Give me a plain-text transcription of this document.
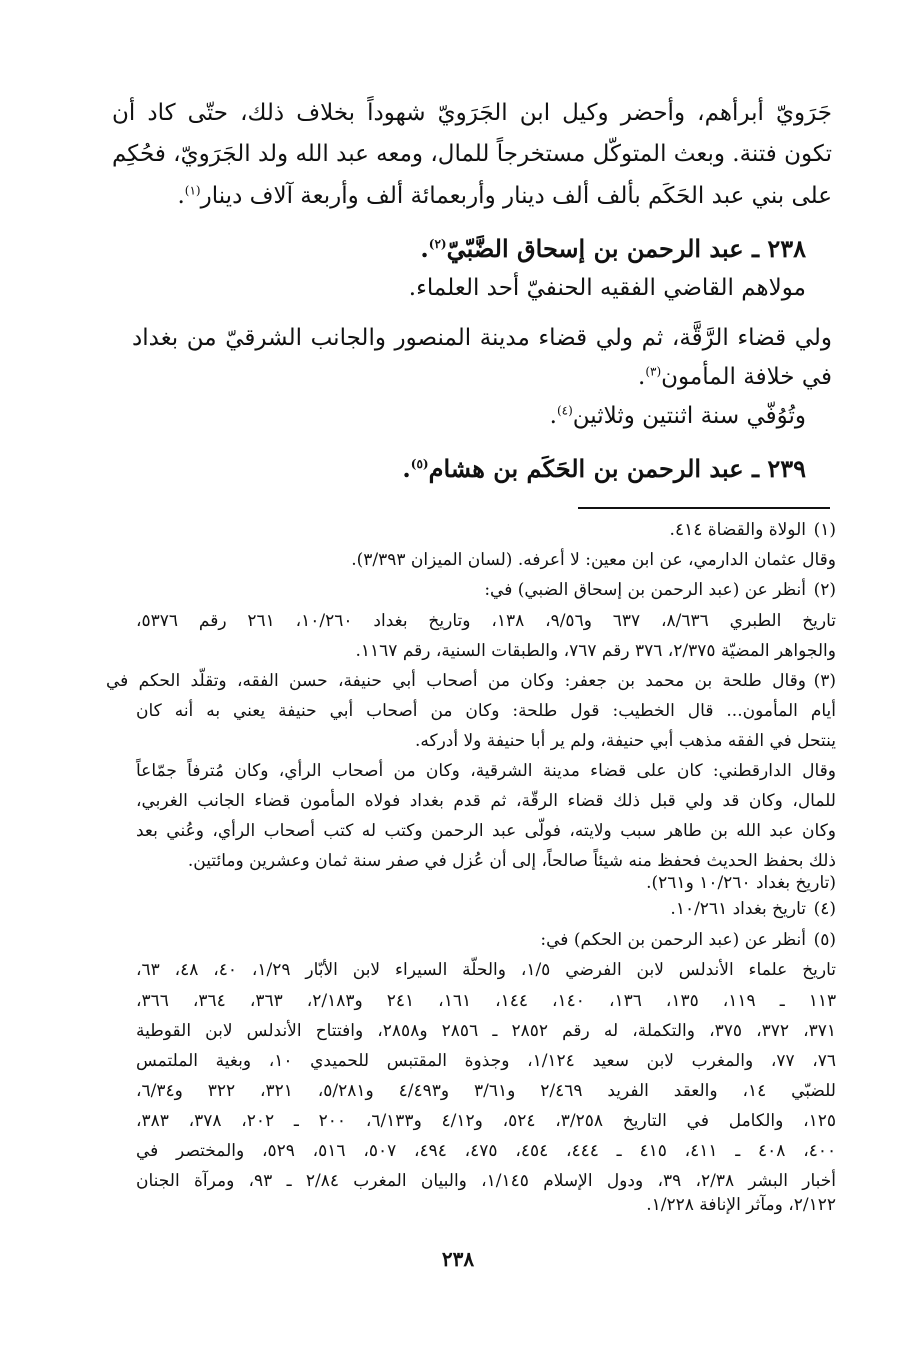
جَرَويّ أبرأهم، وأحضر وكيل ابن الجَرَويّ شهوداً بخلاف ذلك، حتّى كاد أن
تكون فتنة. وبعث المتوكّل مستخرجاً للمال، ومعه عبد الله ولد الجَرَويّ، فحُكِم
على بني عبد الحَكَم بألف ألف دينار وأربعمائة ألف وأربعة آلاف دينار$^{(١)}$.
٢٣٨ ـ عبد الرحمن بن إسحاق الضَّبّيّ$^{(٢)}$.
مولاهم القاضي الفقيه الحنفيّ أحد العلماء.
ولي قضاء الرَّقَّة، ثم ولي قضاء مدينة المنصور والجانب الشرقيّ من بغداد
في خلافة المأمون$^{(٣)}$.
وتُوُفّي سنة اثنتين وثلاثين$^{(٤)}$.
٢٣٩ ـ عبد الرحمن بن الحَكَم بن هشام$^{(٥)}$.
(١)الولاة والقضاة ٤١٤.
وقال عثمان الدارمي، عن ابن معين: لا أعرفه. (لسان الميزان ٣/٣٩٣).
(٢)أنظر عن (عبد الرحمن بن إسحاق الضبي) في:
تاريخ الطبري ٨/٦٣٦، ٦٣٧ و٩/٥٦، ١٣٨، وتاريخ بغداد ١٠/٢٦٠، ٢٦١ رقم ٥٣٧٦،
والجواهر المضيّة ٢/٣٧٥، ٣٧٦ رقم ٧٦٧، والطبقات السنية، رقم ١١٦٧.
(٣)وقال طلحة بن محمد بن جعفر: وكان من أصحاب أبي حنيفة، حسن الفقه، وتقلّد الحكم في
أيام المأمون... قال الخطيب: قول طلحة: وكان من أصحاب أبي حنيفة يعني به أنه كان
ينتحل في الفقه مذهب أبي حنيفة، ولم ير أبا حنيفة ولا أدركه.
وقال الدارقطني: كان على قضاء مدينة الشرقية، وكان من أصحاب الرأي، وكان مُترفاً جمّاعاً
للمال، وكان قد ولي قبل ذلك قضاء الرقّة، ثم قدم بغداد فولاه المأمون قضاء الجانب الغربي،
وكان عبد الله بن طاهر سبب ولايته، فولّى عبد الرحمن وكتب له كتب أصحاب الرأي، وعُني بعد
ذلك بحفظ الحديث فحفظ منه شيئاً صالحاً، إلى أن عُزل في صفر سنة ثمان وعشرين ومائتين.
(تاريخ بغداد ١٠/٢٦٠ و٢٦١).
(٤)تاريخ بغداد ١٠/٢٦١.
(٥)أنظر عن (عبد الرحمن بن الحكم) في:
تاريخ علماء الأندلس لابن الفرضي ١/٥، والحلّة السيراء لابن الأبّار ١/٢٩، ٤٠، ٤٨، ٦٣،
١١٣ ـ ١١٩، ١٣٥، ١٣٦، ١٤٠، ١٤٤، ١٦١، ٢٤١ و٢/١٨٣، ٣٦٣، ٣٦٤، ٣٦٦،
٣٧١، ٣٧٢، ٣٧٥، والتكملة، له رقم ٢٨٥٢ ـ ٢٨٥٦ و٢٨٥٨، وافتتاح الأندلس لابن القوطية
٧٦، ٧٧، والمغرب لابن سعيد ١/١٢٤، وجذوة المقتبس للحميدي ١٠، وبغية الملتمس
للضبّي ١٤، والعقد الفريد ٢/٤٦٩ و٣/٦١ و٤/٤٩٣ و٥/٢٨١، ٣٢١، ٣٢٢ و٦/٣٤،
١٢٥، والكامل في التاريخ ٣/٢٥٨، ٥٢٤، و٤/١٢ و٦/١٣٣، ٢٠٠ ـ ٢٠٢، ٣٧٨، ٣٨٣،
٤٠٠، ٤٠٨ ـ ٤١١، ٤١٥ ـ ٤٤٤، ٤٥٤، ٤٧٥، ٤٩٤، ٥٠٧، ٥١٦، ٥٢٩، والمختصر في
أخبار البشر ٢/٣٨، ٣٩، ودول الإسلام ١/١٤٥، والبيان المغرب ٢/٨٤ ـ ٩٣، ومرآة الجنان
٢/١٢٢، ومآثر الإنافة ١/٢٢٨.
٢٣٨
